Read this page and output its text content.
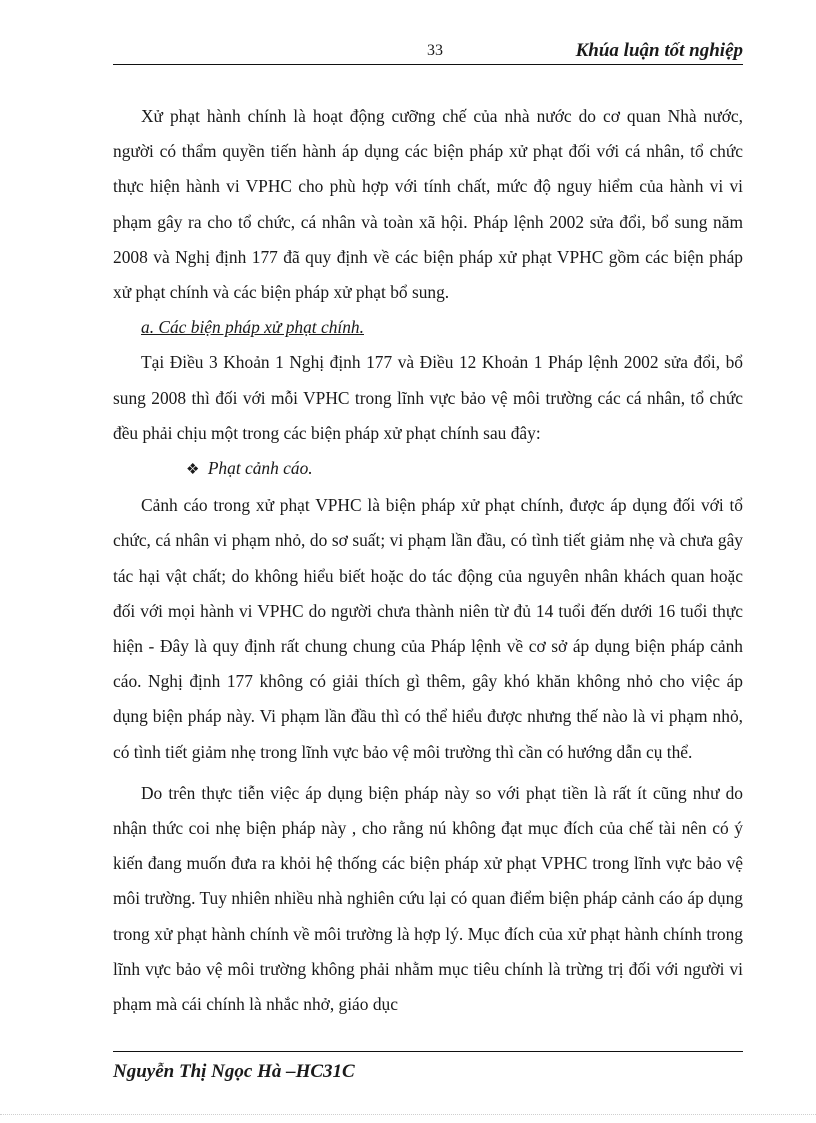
33	Khúa luận tốt nghiệp

Xử phạt hành chính là hoạt động cưỡng chế của nhà nước do cơ quan Nhà nước, người có thẩm quyền tiến hành áp dụng các biện pháp xử phạt đối với cá nhân, tổ chức thực hiện hành vi VPHC cho phù hợp với tính chất, mức độ nguy hiểm của hành vi vi phạm gây ra cho tổ chức, cá nhân và toàn xã hội. Pháp lệnh 2002 sửa đổi, bổ sung năm 2008 và Nghị định 177 đã quy định về các biện pháp xử phạt VPHC gồm các biện pháp xử phạt chính và các biện pháp xử phạt bổ sung.

a. Các biện pháp xử phạt chính.

Tại Điều 3 Khoản 1 Nghị định 177 và Điều 12 Khoản 1 Pháp lệnh 2002 sửa đổi, bổ sung 2008 thì đối với mỗi VPHC trong lĩnh vực bảo vệ môi trường các cá nhân, tổ chức đều phải chịu một trong các biện pháp xử phạt chính sau đây:

❖ Phạt cảnh cáo.

Cảnh cáo trong xử phạt VPHC là biện pháp xử phạt chính, được áp dụng đối với tổ chức, cá nhân vi phạm nhỏ, do sơ suất; vi phạm lần đầu, có tình tiết giảm nhẹ và chưa gây tác hại vật chất; do không hiểu biết hoặc do tác động của nguyên nhân khách quan hoặc đối với mọi hành vi VPHC do người chưa thành niên từ đủ 14 tuổi đến dưới 16 tuổi thực hiện - Đây là quy định rất chung chung của Pháp lệnh về cơ sở áp dụng biện pháp cảnh cáo. Nghị định 177 không có giải thích gì thêm, gây khó khăn không nhỏ cho việc áp dụng biện pháp này. Vi phạm lần đầu thì có thể hiểu được nhưng thế nào là vi phạm nhỏ, có tình tiết giảm nhẹ trong lĩnh vực bảo vệ môi trường thì cần có hướng dẫn cụ thể.

Do trên thực tiễn việc áp dụng biện pháp này so với phạt tiền là rất ít cũng như do nhận thức coi nhẹ biện pháp này , cho rằng nú không đạt mục đích của chế tài nên có ý kiến đang muốn đưa ra khỏi hệ thống các biện pháp xử phạt VPHC trong lĩnh vực bảo vệ môi trường. Tuy nhiên nhiều nhà nghiên cứu lại có quan điểm biện pháp cảnh cáo áp dụng trong xử phạt hành chính về môi trường là hợp lý. Mục đích của xử phạt hành chính trong lĩnh vực bảo vệ môi trường không phải nhằm mục tiêu chính là trừng trị đối với người vi phạm mà cái chính là nhắc nhở, giáo dục

Nguyễn Thị Ngọc Hà –HC31C
